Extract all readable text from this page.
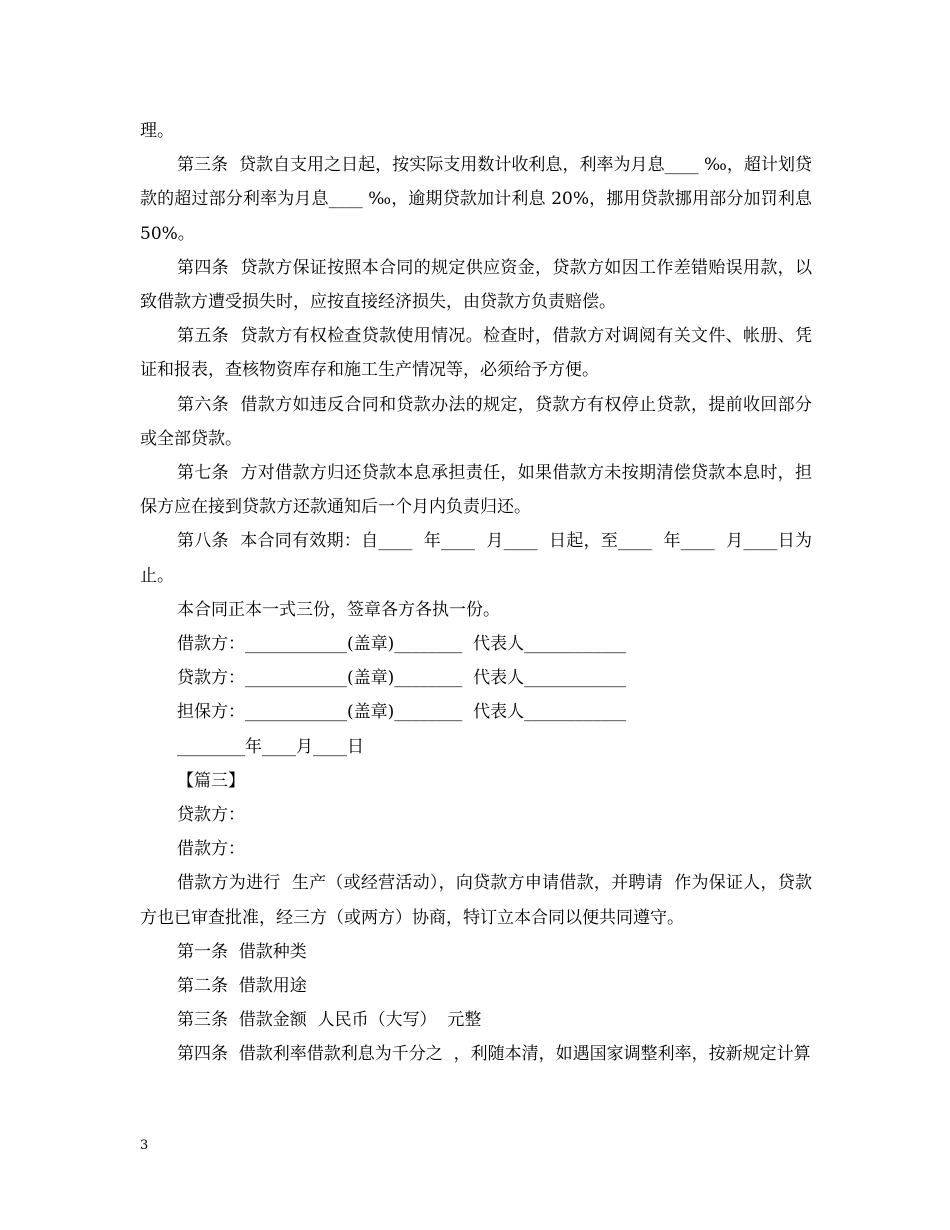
理。

第三条  贷款自支用之日起，按实际支用数计收利息，利率为月息____ ‰，超计划贷款的超过部分利率为月息____ ‰，逾期贷款加计利息 20%，挪用贷款挪用部分加罚利息 50%。

第四条  贷款方保证按照本合同的规定供应资金，贷款方如因工作差错贻误用款，以致借款方遭受损失时，应按直接经济损失，由贷款方负责赔偿。

第五条  贷款方有权检查贷款使用情况。检查时，借款方对调阅有关文件、帐册、凭证和报表，查核物资库存和施工生产情况等，必须给予方便。

第六条  借款方如违反合同和贷款办法的规定，贷款方有权停止贷款，提前收回部分或全部贷款。

第七条  方对借款方归还贷款本息承担责任，如果借款方未按期清偿贷款本息时，担保方应在接到贷款方还款通知后一个月内负责归还。

第八条  本合同有效期：自____  年____  月____  日起，至____  年____  月____日为止。

本合同正本一式三份，签章各方各执一份。

借款方：____________(盖章)________  代表人____________

贷款方：____________(盖章)________  代表人____________

担保方：____________(盖章)________  代表人____________

________年____月____日

【篇三】

贷款方：

借款方：

借款方为进行  生产（或经营活动），向贷款方申请借款，并聘请  作为保证人，贷款方也已审查批准，经三方（或两方）协商，特订立本合同以便共同遵守。

第一条  借款种类

第二条  借款用途

第三条  借款金额  人民币（大写）  元整

第四条  借款利率借款利息为千分之  ，利随本清，如遇国家调整利率，按新规定计算

3
